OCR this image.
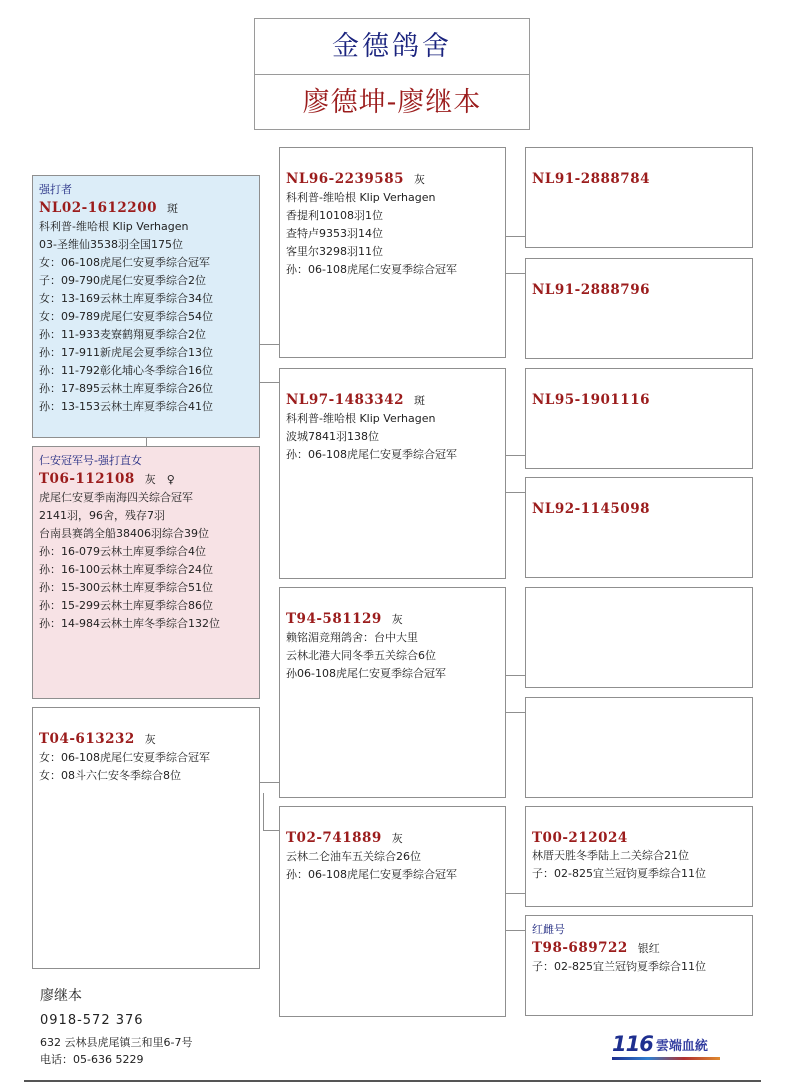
金德鸽舍
廖德坤-廖继本
强打者
NL02-1612200 斑
科利普-维哈根 Klip Verhagen
03-圣维仙3538羽全国175位
女：06-108虎尾仁安夏季综合冠军
子：09-790虎尾仁安夏季综合2位
女：13-169云林土库夏季综合34位
女：09-789虎尾仁安夏季综合54位
孙：11-933麦寮鹤翔夏季综合2位
孙：17-911新虎尾会夏季综合13位
孙：11-792彰化埔心冬季综合16位
孙：17-895云林土库夏季综合26位
孙：13-153云林土库夏季综合41位
仁安冠军号-强打直女
T06-112108 灰　♀
虎尾仁安夏季南海四关综合冠军
2141羽，96舍，残存7羽
台南县赛鸽全船38406羽综合39位
孙：16-079云林土库夏季综合4位
孙：16-100云林土库夏季综合24位
孙：15-300云林土库夏季综合51位
孙：15-299云林土库夏季综合86位
孙：14-984云林土库冬季综合132位
T04-613232 灰
女：06-108虎尾仁安夏季综合冠军
女：08斗六仁安冬季综合8位
NL96-2239585 灰
科利普-维哈根 Klip Verhagen
香提利10108羽1位
查特卢9353羽14位
客里尔3298羽11位
孙：06-108虎尾仁安夏季综合冠军
NL97-1483342 斑
科利普-维哈根 Klip Verhagen
波城7841羽138位
孙：06-108虎尾仁安夏季综合冠军
T94-581129 灰
赖铭湄竞翔鸽舍：台中大里
云林北港大同冬季五关综合6位
孙06-108虎尾仁安夏季综合冠军
T02-741889 灰
云林二仑油车五关综合26位
孙：06-108虎尾仁安夏季综合冠军
NL91-2888784
NL91-2888796
NL95-1901116
NL92-1145098
T00-212024
林厝天胜冬季陆上二关综合21位
子：02-825宜兰冠钧夏季综合11位
红雌号
T98-689722 银红
子：02-825宜兰冠钧夏季综合11位
廖继本
0918-572 376
632 云林县虎尾镇三和里6-7号
电话：05-636 5229
116 雲端血統
